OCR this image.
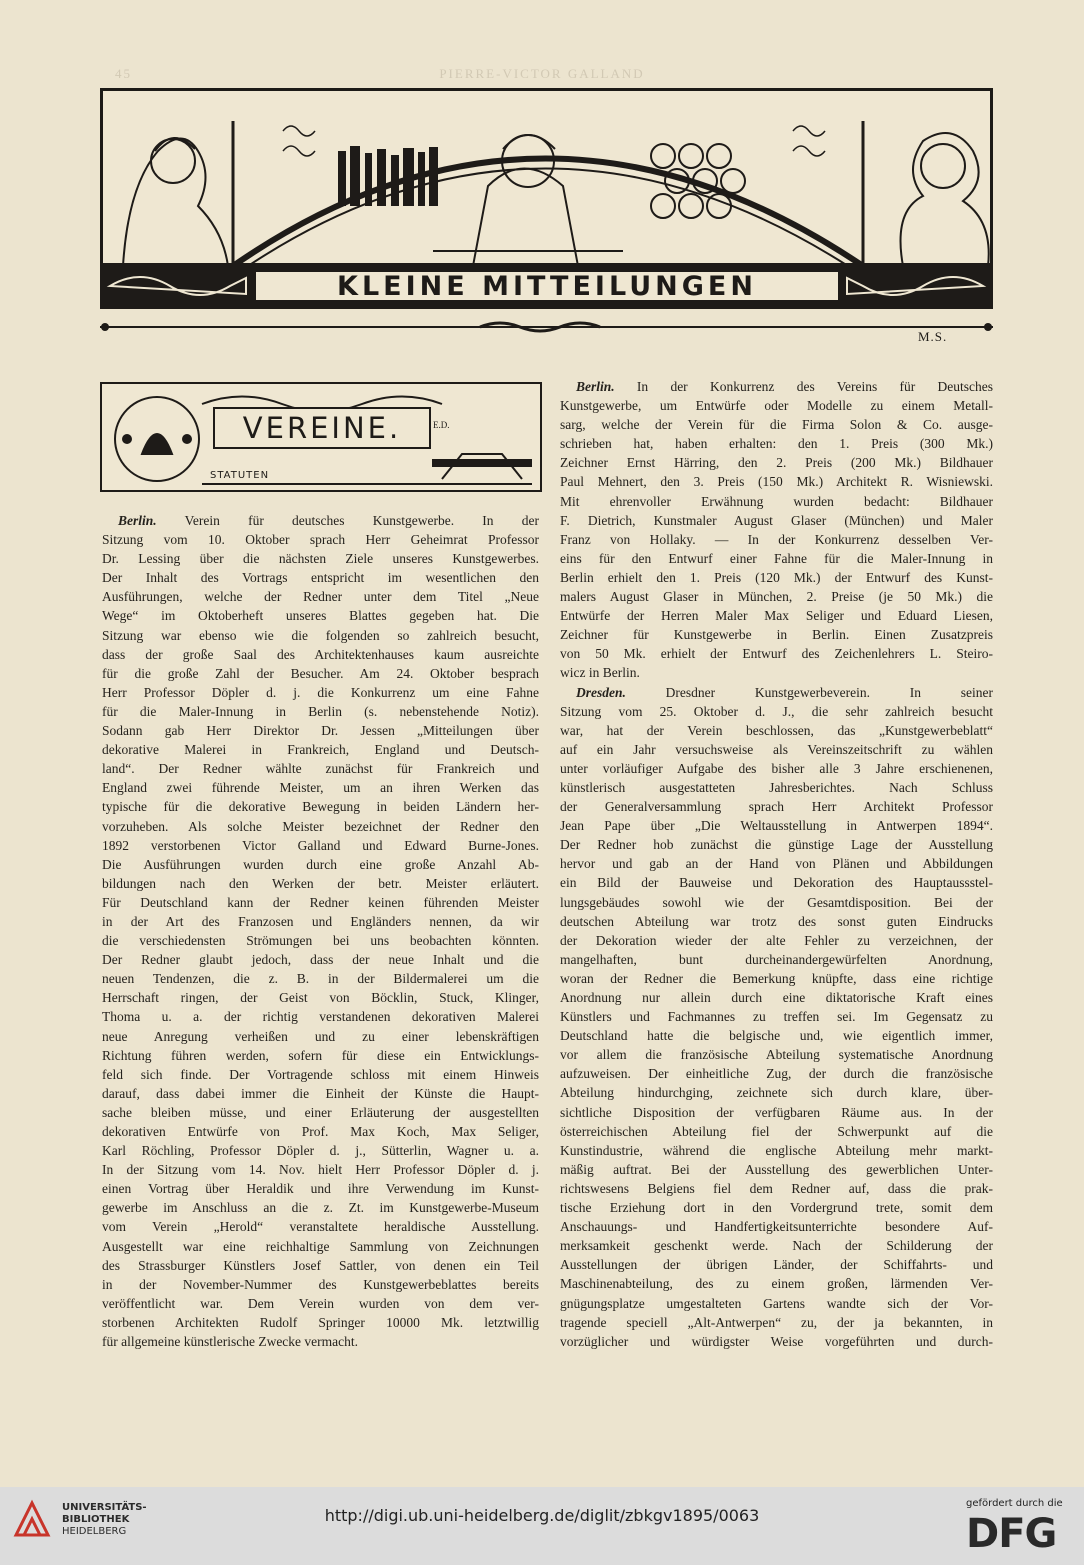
45	PIERRE-VICTOR GALLAND
KLEINE MITTEILUNGEN
M.S.
VEREINE.
STATUTEN
E.D.
Berlin. Verein für deutsches Kunstgewerbe. In der
Sitzung vom 10. Oktober sprach Herr Geheimrat Professor
Dr. Lessing über die nächsten Ziele unseres Kunstgewerbes.
Der Inhalt des Vortrags entspricht im wesentlichen den
Ausführungen, welche der Redner unter dem Titel „Neue
Wege“ im Oktoberheft unseres Blattes gegeben hat. Die
Sitzung war ebenso wie die folgenden so zahlreich besucht,
dass der große Saal des Architektenhauses kaum ausreichte
für die große Zahl der Besucher. Am 24. Oktober besprach
Herr Professor Döpler d. j. die Konkurrenz um eine Fahne
für die Maler-Innung in Berlin (s. nebenstehende Notiz).
Sodann gab Herr Direktor Dr. Jessen „Mitteilungen über
dekorative Malerei in Frankreich, England und Deutsch-
land“. Der Redner wählte zunächst für Frankreich und
England zwei führende Meister, um an ihren Werken das
typische für die dekorative Bewegung in beiden Ländern her-
vorzuheben. Als solche Meister bezeichnet der Redner den
1892 verstorbenen Victor Galland und Edward Burne-Jones.
Die Ausführungen wurden durch eine große Anzahl Ab-
bildungen nach den Werken der betr. Meister erläutert.
Für Deutschland kann der Redner keinen führenden Meister
in der Art des Franzosen und Engländers nennen, da wir
die verschiedensten Strömungen bei uns beobachten könnten.
Der Redner glaubt jedoch, dass der neue Inhalt und die
neuen Tendenzen, die z. B. in der Bildermalerei um die
Herrschaft ringen, der Geist von Böcklin, Stuck, Klinger,
Thoma u. a. der richtig verstandenen dekorativen Malerei
neue Anregung verheißen und zu einer lebenskräftigen
Richtung führen werden, sofern für diese ein Entwicklungs-
feld sich finde. Der Vortragende schloss mit einem Hinweis
darauf, dass dabei immer die Einheit der Künste die Haupt-
sache bleiben müsse, und einer Erläuterung der ausgestellten
dekorativen Entwürfe von Prof. Max Koch, Max Seliger,
Karl Röchling, Professor Döpler d. j., Sütterlin, Wagner u. a.
In der Sitzung vom 14. Nov. hielt Herr Professor Döpler d. j.
einen Vortrag über Heraldik und ihre Verwendung im Kunst-
gewerbe im Anschluss an die z. Zt. im Kunstgewerbe-Museum
vom Verein „Herold“ veranstaltete heraldische Ausstellung.
Ausgestellt war eine reichhaltige Sammlung von Zeichnungen
des Strassburger Künstlers Josef Sattler, von denen ein Teil
in der November-Nummer des Kunstgewerbeblattes bereits
veröffentlicht war. Dem Verein wurden von dem ver-
storbenen Architekten Rudolf Springer 10000 Mk. letztwillig
für allgemeine künstlerische Zwecke vermacht.
Berlin. In der Konkurrenz des Vereins für Deutsches
Kunstgewerbe, um Entwürfe oder Modelle zu einem Metall-
sarg, welche der Verein für die Firma Solon & Co. ausge-
schrieben hat, haben erhalten: den 1. Preis (300 Mk.)
Zeichner Ernst Härring, den 2. Preis (200 Mk.) Bildhauer
Paul Mehnert, den 3. Preis (150 Mk.) Architekt R. Wisniewski.
Mit ehrenvoller Erwähnung wurden bedacht: Bildhauer
F. Dietrich, Kunstmaler August Glaser (München) und Maler
Franz von Hollaky. — In der Konkurrenz desselben Ver-
eins für den Entwurf einer Fahne für die Maler-Innung in
Berlin erhielt den 1. Preis (120 Mk.) der Entwurf des Kunst-
malers August Glaser in München, 2. Preise (je 50 Mk.) die
Entwürfe der Herren Maler Max Seliger und Eduard Liesen,
Zeichner für Kunstgewerbe in Berlin. Einen Zusatzpreis
von 50 Mk. erhielt der Entwurf des Zeichenlehrers L. Steiro-
wicz in Berlin.
Dresden. Dresdner Kunstgewerbeverein. In seiner
Sitzung vom 25. Oktober d. J., die sehr zahlreich besucht
war, hat der Verein beschlossen, das „Kunstgewerbeblatt“
auf ein Jahr versuchsweise als Vereinszeitschrift zu wählen
unter vorläufiger Aufgabe des bisher alle 3 Jahre erschienenen,
künstlerisch ausgestatteten Jahresberichtes. Nach Schluss
der Generalversammlung sprach Herr Architekt Professor
Jean Pape über „Die Weltausstellung in Antwerpen 1894“.
Der Redner hob zunächst die günstige Lage der Ausstellung
hervor und gab an der Hand von Plänen und Abbildungen
ein Bild der Bauweise und Dekoration des Hauptaussstel-
lungsgebäudes sowohl wie der Gesamtdisposition. Bei der
deutschen Abteilung war trotz des sonst guten Eindrucks
der Dekoration wieder der alte Fehler zu verzeichnen, der
mangelhaften, bunt durcheinandergewürfelten Anordnung,
woran der Redner die Bemerkung knüpfte, dass eine richtige
Anordnung nur allein durch eine diktatorische Kraft eines
Künstlers und Fachmannes zu treffen sei. Im Gegensatz zu
Deutschland hatte die belgische und, wie eigentlich immer,
vor allem die französische Abteilung systematische Anordnung
aufzuweisen. Der einheitliche Zug, der durch die französische
Abteilung hindurchging, zeichnete sich durch klare, über-
sichtliche Disposition der verfügbaren Räume aus. In der
österreichischen Abteilung fiel der Schwerpunkt auf die
Kunstindustrie, während die englische Abteilung mehr markt-
mäßig auftrat. Bei der Ausstellung des gewerblichen Unter-
richtswesens Belgiens fiel dem Redner auf, dass die prak-
tische Erziehung dort in den Vordergrund trete, somit dem
Anschauungs- und Handfertigkeitsunterrichte besondere Auf-
merksamkeit geschenkt werde. Nach der Schilderung der
Ausstellungen der übrigen Länder, der Schiffahrts- und
Maschinenabteilung, des zu einem großen, lärmenden Ver-
gnügungsplatze umgestalteten Gartens wandte sich der Vor-
tragende speciell „Alt-Antwerpen“ zu, der ja bekannten, in
vorzüglicher und würdigster Weise vorgeführten und durch-
UNIVERSITÄTS-
BIBLIOTHEK
HEIDELBERG
http://digi.ub.uni-heidelberg.de/diglit/zbkgv1895/0063
gefördert durch die
DFG
